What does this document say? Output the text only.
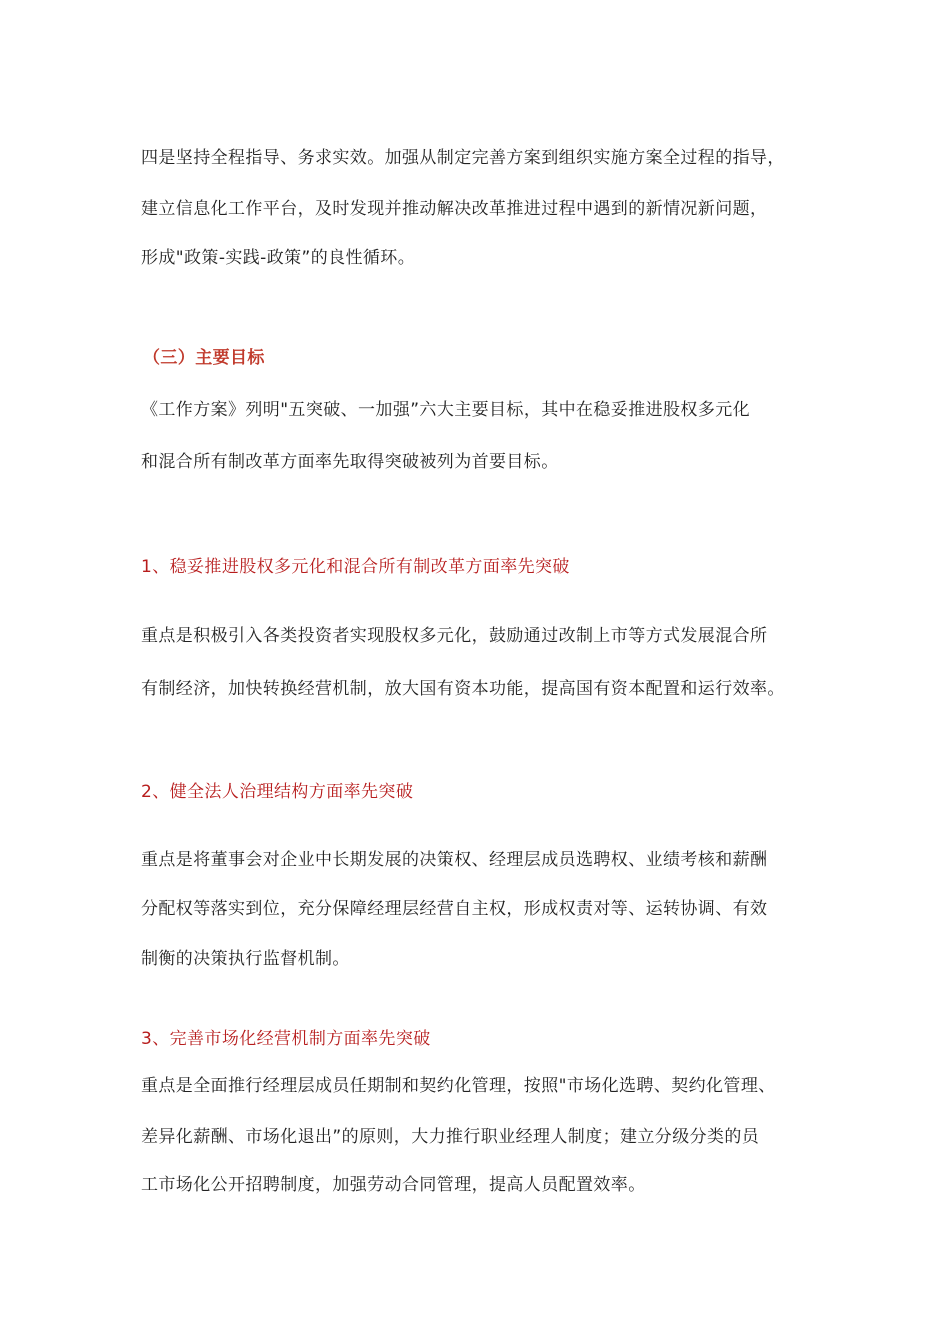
四是坚持全程指导、务求实效。加强从制定完善方案到组织实施方案全过程的指导，
建立信息化工作平台，及时发现并推动解决改革推进过程中遇到的新情况新问题，
形成"政策-实践-政策”的良性循环。
（三）主要目标
《工作方案》列明"五突破、一加强”六大主要目标，其中在稳妥推进股权多元化
和混合所有制改革方面率先取得突破被列为首要目标。
1、稳妥推进股权多元化和混合所有制改革方面率先突破
重点是积极引入各类投资者实现股权多元化，鼓励通过改制上市等方式发展混合所
有制经济，加快转换经营机制，放大国有资本功能，提高国有资本配置和运行效率。
2、健全法人治理结构方面率先突破
重点是将董事会对企业中长期发展的决策权、经理层成员选聘权、业绩考核和薪酬
分配权等落实到位，充分保障经理层经营自主权，形成权责对等、运转协调、有效
制衡的决策执行监督机制。
3、完善市场化经营机制方面率先突破
重点是全面推行经理层成员任期制和契约化管理，按照"市场化选聘、契约化管理、
差异化薪酬、市场化退出”的原则，大力推行职业经理人制度；建立分级分类的员
工市场化公开招聘制度，加强劳动合同管理，提高人员配置效率。
